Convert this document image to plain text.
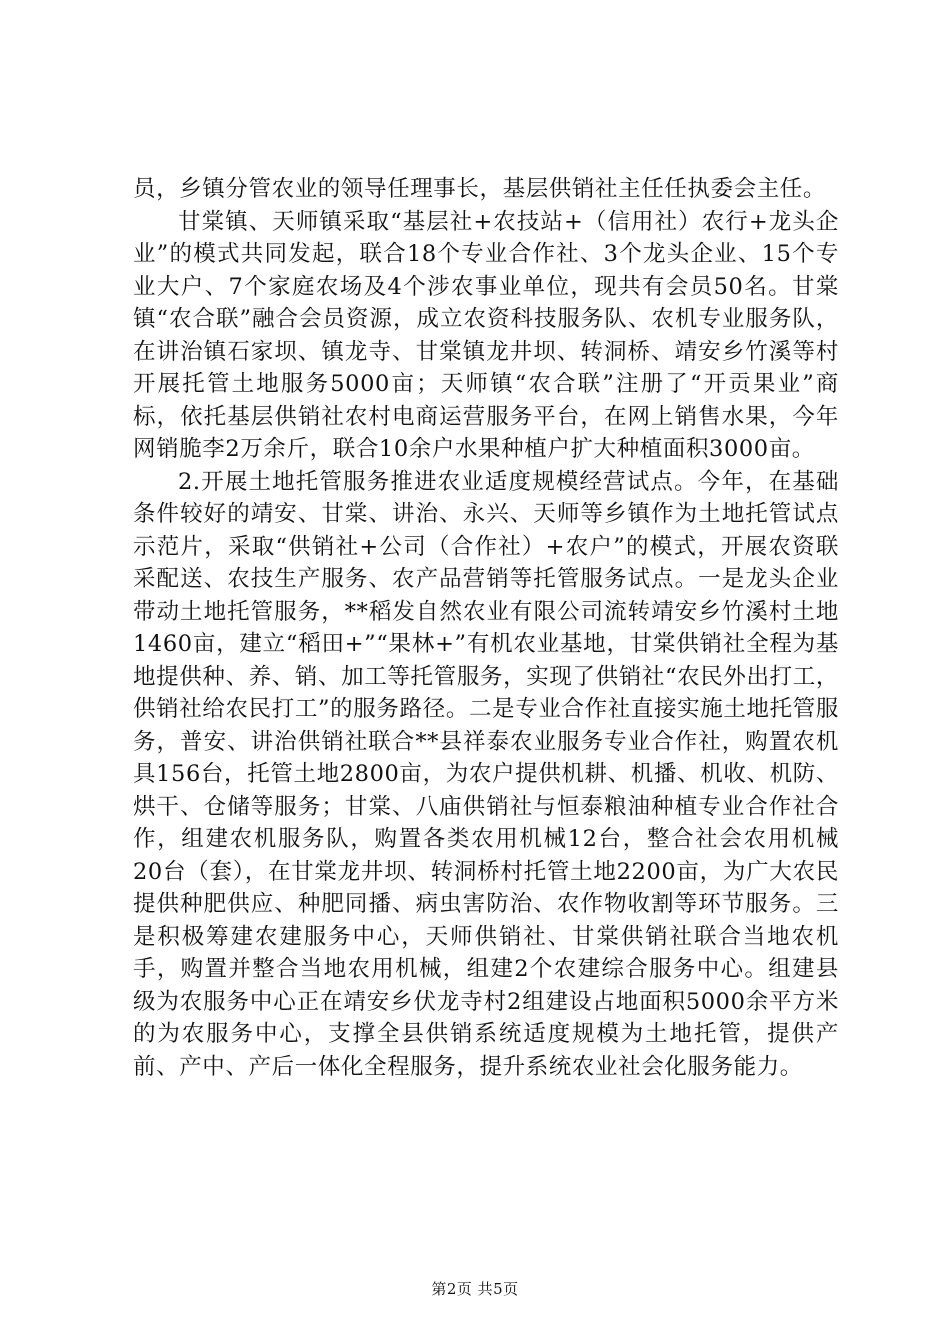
员，乡镇分管农业的领导任理事长，基层供销社主任任执委会主任。

甘棠镇、天师镇采取“基层社+农技站+（信用社）农行+龙头企业”的模式共同发起，联合18个专业合作社、3个龙头企业、15个专业大户、7个家庭农场及4个涉农事业单位，现共有会员50名。甘棠镇“农合联”融合会员资源，成立农资科技服务队、农机专业服务队，在讲治镇石家坝、镇龙寺、甘棠镇龙井坝、转洞桥、靖安乡竹溪等村开展托管土地服务5000亩；天师镇“农合联”注册了“开贡果业”商标，依托基层供销社农村电商运营服务平台，在网上销售水果，今年网销脆李2万余斤，联合10余户水果种植户扩大种植面积3000亩。

2.开展土地托管服务推进农业适度规模经营试点。今年，在基础条件较好的靖安、甘棠、讲治、永兴、天师等乡镇作为土地托管试点示范片，采取“供销社+公司（合作社）+农户”的模式，开展农资联采配送、农技生产服务、农产品营销等托管服务试点。一是龙头企业带动土地托管服务，**稻发自然农业有限公司流转靖安乡竹溪村土地1460亩，建立“稻田+”“果林+”有机农业基地，甘棠供销社全程为基地提供种、养、销、加工等托管服务，实现了供销社“农民外出打工，供销社给农民打工”的服务路径。二是专业合作社直接实施土地托管服务，普安、讲治供销社联合**县祥泰农业服务专业合作社，购置农机具156台，托管土地2800亩，为农户提供机耕、机播、机收、机防、烘干、仓储等服务；甘棠、八庙供销社与恒泰粮油种植专业合作社合作，组建农机服务队，购置各类农用机械12台，整合社会农用机械20台（套），在甘棠龙井坝、转洞桥村托管土地2200亩，为广大农民提供种肥供应、种肥同播、病虫害防治、农作物收割等环节服务。三是积极筹建农建服务中心，天师供销社、甘棠供销社联合当地农机手，购置并整合当地农用机械，组建2个农建综合服务中心。组建县级为农服务中心正在靖安乡伏龙寺村2组建设占地面积5000余平方米的为农服务中心，支撑全县供销系统适度规模为土地托管，提供产前、产中、产后一体化全程服务，提升系统农业社会化服务能力。

第2页 共5页
